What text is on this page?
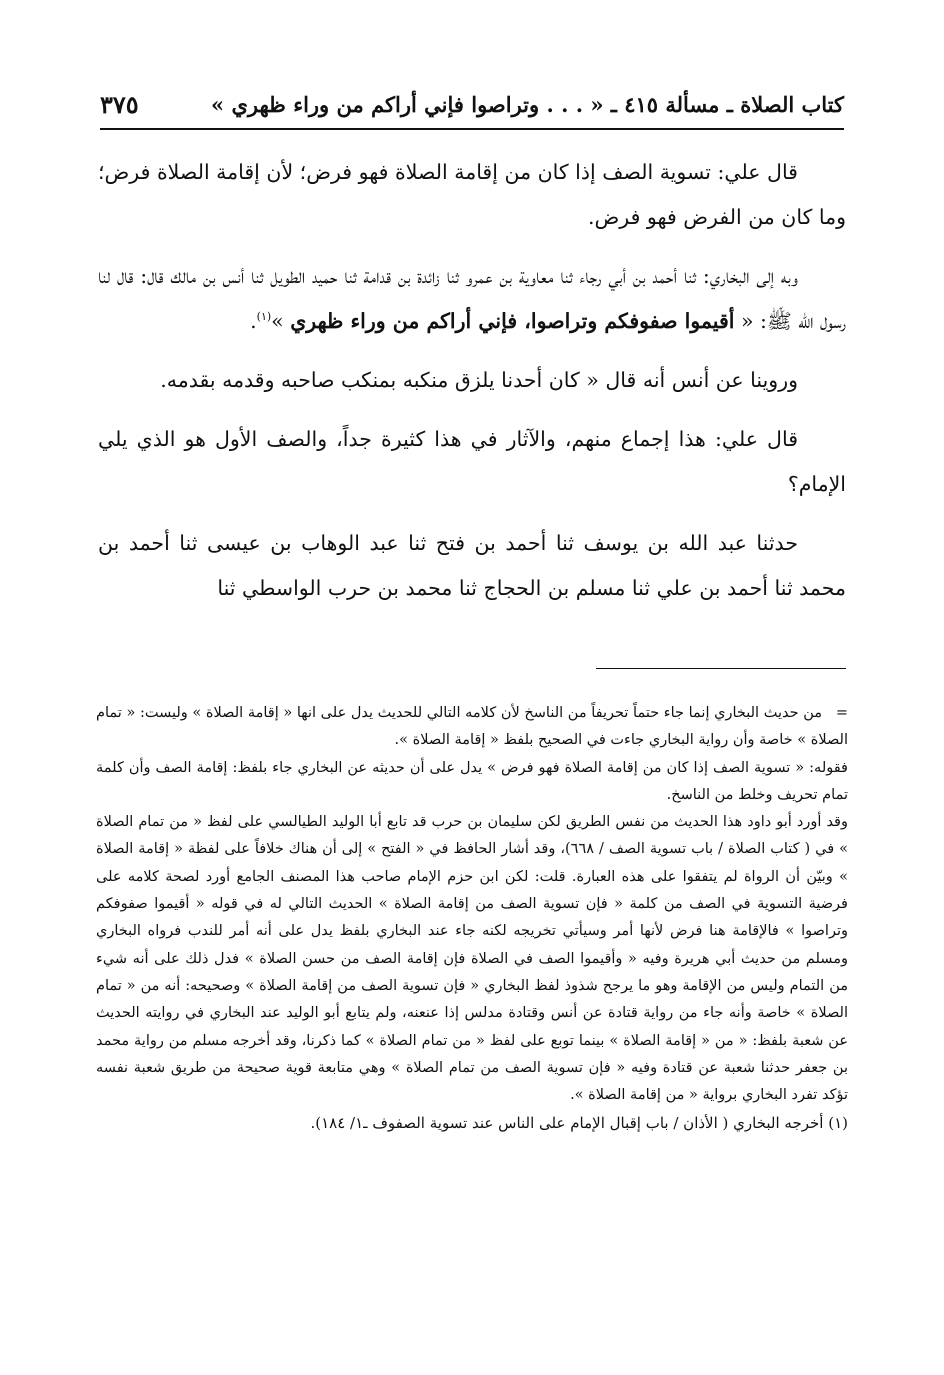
كتاب الصلاة ـ مسألة ٤١٥ ـ « . . . وتراصوا فإني أراكم من وراء ظهري »
٣٧٥

قال علي: تسوية الصف إذا كان من إقامة الصلاة فهو فرض؛ لأن إقامة الصلاة فرض؛ وما كان من الفرض فهو فرض.

وبه إلى البخاري: ثنا أحمد بن أبي رجاء ثنا معاوية بن عمرو ثنا زائدة بن قدامة ثنا حميد الطويل ثنا أنس بن مالك قال: قال لنا رسول الله ﷺ: « أقيموا صفوفكم وتراصوا، فإني أراكم من وراء ظهري »$^{(١)}$.

وروينا عن أنس أنه قال « كان أحدنا يلزق منكبه بمنكب صاحبه وقدمه بقدمه.

قال علي: هذا إجماع منهم، والآثار في هذا كثيرة جداً، والصف الأول هو الذي يلي الإمام؟

حدثنا عبد الله بن يوسف ثنا أحمد بن فتح ثنا عبد الوهاب بن عيسى ثنا أحمد بن محمد ثنا أحمد بن علي ثنا مسلم بن الحجاج ثنا محمد بن حرب الواسطي ثنا

=من حديث البخاري إنما جاء حتماً تحريفاً من الناسخ لأن كلامه التالي للحديث يدل على انها « إقامة الصلاة » وليست: « تمام الصلاة » خاصة وأن رواية البخاري جاءت في الصحيح بلفظ « إقامة الصلاة ».

فقوله: « تسوية الصف إذا كان من إقامة الصلاة فهو فرض » يدل على أن حديثه عن البخاري جاء بلفظ: إقامة الصف وأن كلمة تمام تحريف وخلط من الناسخ.

وقد أورد أبو داود هذا الحديث من نفس الطريق لكن سليمان بن حرب قد تابع أبا الوليد الطيالسي على لفظ « من تمام الصلاة » في ( كتاب الصلاة / باب تسوية الصف / ٦٦٨)، وقد أشار الحافظ في « الفتح » إلى أن هناك خلافاً على لفظة « إقامة الصلاة » وبيّن أن الرواة لم يتفقوا على هذه العبارة. قلت: لكن ابن حزم الإمام صاحب هذا المصنف الجامع أورد لصحة كلامه على فرضية التسوية في الصف من كلمة « فإن تسوية الصف من إقامة الصلاة » الحديث التالي له في قوله « أقيموا صفوفكم وتراصوا » فالإقامة هنا فرض لأنها أمر وسيأتي تخريجه لكنه جاء عند البخاري بلفظ يدل على أنه أمر للندب فرواه البخاري ومسلم من حديث أبي هريرة وفيه « وأقيموا الصف في الصلاة فإن إقامة الصف من حسن الصلاة » فدل ذلك على أنه شيء من التمام وليس من الإقامة وهو ما يرجح شذوذ لفظ البخاري « فإن تسوية الصف من إقامة الصلاة » وصحيحه: أنه من « تمام الصلاة » خاصة وأنه جاء من رواية قتادة عن أنس وقتادة مدلس إذا عنعنه، ولم يتابع أبو الوليد عند البخاري في روايته الحديث عن شعبة بلفظ: « من « إقامة الصلاة » بينما توبع على لفظ « من تمام الصلاة » كما ذكرنا، وقد أخرجه مسلم من رواية محمد بن جعفر حدثنا شعبة عن قتادة وفيه « فإن تسوية الصف من تمام الصلاة » وهي متابعة قوية صحيحة من طريق شعبة نفسه تؤكد تفرد البخاري برواية « من إقامة الصلاة ».

(١) أخرجه البخاري ( الأذان / باب إقبال الإمام على الناس عند تسوية الصفوف ـ١/ ١٨٤).
